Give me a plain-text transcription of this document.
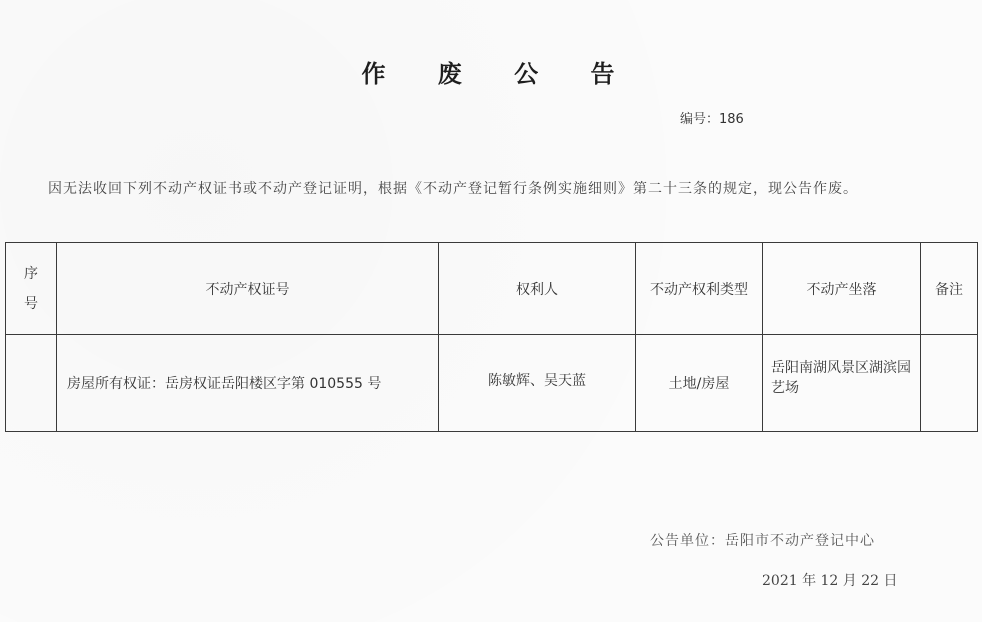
作 废 公 告
编号：186
因无法收回下列不动产权证书或不动产登记证明，根据《不动产登记暂行条例实施细则》第二十三条的规定，现公告作废。
序
号	不动产权证号	权利人	不动产权利类型	不动产坐落	备注
	房屋所有权证：岳房权证岳阳楼区字第 010555 号	陈敏辉、吴天蓝	土地/房屋	岳阳南湖风景区湖滨园艺场	
公告单位：岳阳市不动产登记中心
2021 年 12 月 22 日
